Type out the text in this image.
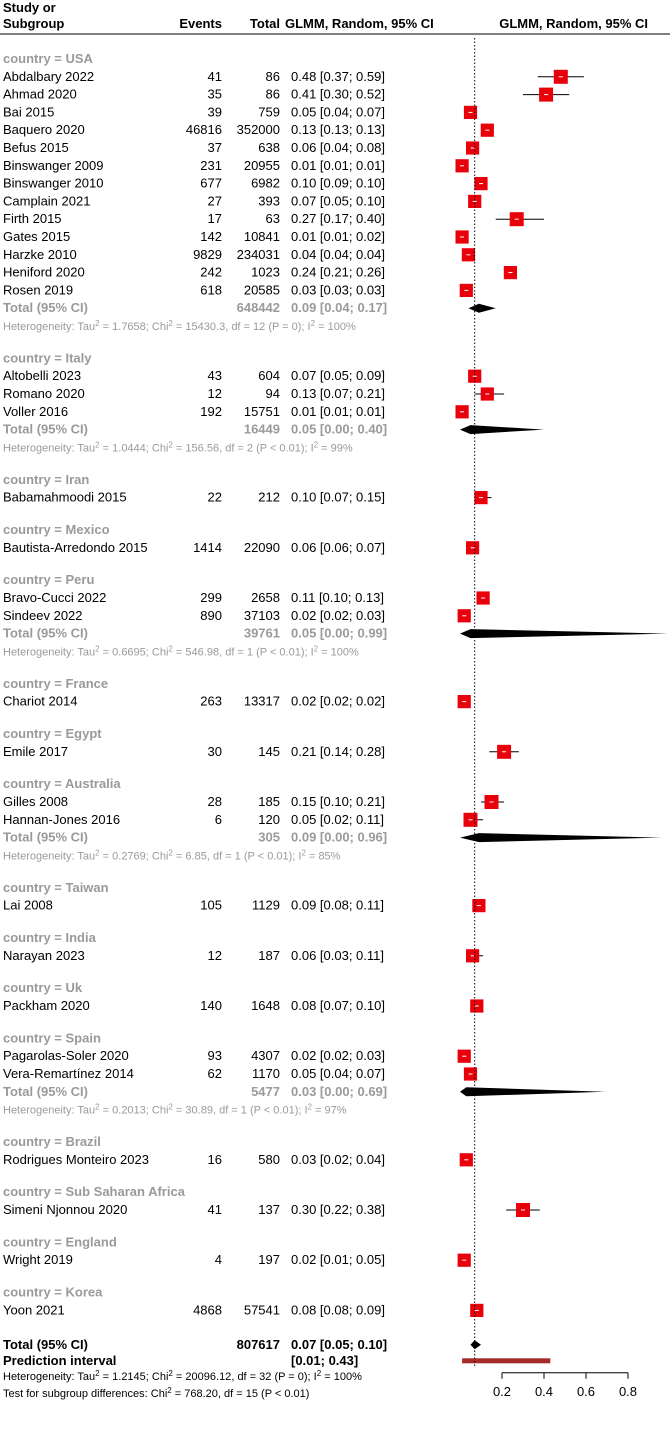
Study or
Subgroup	Events Total GLMM, Random, 95% CI	GLMM, Random, 95% CI
country = USA
Abdalbary 2022	41	86 0.48 [0.37; 0.59]
Ahmad 2020	35	86 0.41 [0.30; 0.52]
Bai 2015	39	759 0.05 [0.04; 0.07]
Baquero 2020	46816 352000 0.13 [0.13; 0.13]
Befus 2015	37	638 0.06 [0.04; 0.08]
Binswanger 2009	231 20955 0.01 [0.01; 0.01]
Binswanger 2010	677 6982 0.10 [0.09; 0.10]
Camplain 2021	27	393 0.07 [0.05; 0.10]
Firth 2015	17	63 0.27 [0.17; 0.40]
Gates 2015	142 10841 0.01 [0.01; 0.02]
Harzke 2010	9829 234031 0.04 [0.04; 0.04]
Heniford 2020	242 1023 0.24 [0.21; 0.26]
Rosen 2019	618 20585 0.03 [0.03; 0.03]
Total (95% CI)	648442 0.09 [0.04; 0.17]
Heterogeneity: Tau$^2$ = 1.7658; Chi$^2$ = 15430.3, df = 12 (P = 0); $I^2 = 100\%$
country = Italy
Altobelli 2023	43	604 0.07 [0.05; 0.09]
Romano 2020	12	94 0.13 [0.07; 0.21]
Voller 2016	192 15751 0.01 [0.01; 0.01]
Total (95% CI)	16449 0.05 [0.00; 0.40]
Heterogeneity: Tau$^2$ = 1.0444; Chi$^2$ = 156.56, df = 2 (P < 0.01); $I^2 = 99\%$
country = Iran
Babamahmoodi 2015	22	212 0.10 [0.07; 0.15]
country = Mexico
Bautista-Arredondo 2015	1414 22090 0.06 [0.06; 0.07]
country = Peru
Bravo-Cucci 2022	299 2658 0.11 [0.10; 0.13]
Sindeev 2022	890 37103 0.02 [0.02; 0.03]
Total (95% CI)	39761 0.05 [0.00; 0.99]
Heterogeneity: Tau$^2$ = 0.6695; Chi$^2$ = 546.98, df = 1 (P < 0.01); $I^2 = 100\%$
country = France
Chariot 2014	263 13317 0.02 [0.02; 0.02]
country = Egypt
Emile 2017	30	145 0.21 [0.14; 0.28]
country = Australia
Gilles 2008	28	185 0.15 [0.10; 0.21]
Hannan-Jones 2016	6	120 0.05 [0.02; 0.11]
Total (95% CI)	305 0.09 [0.00; 0.96]
Heterogeneity: Tau$^2$ = 0.2769; Chi$^2$ = 6.85, df = 1 (P < 0.01); $I^2 = 85\%$
country = Taiwan
Lai 2008	105 1129 0.09 [0.08; 0.11]
country = India
Narayan 2023	12	187 0.06 [0.03; 0.11]
country = Uk
Packham 2020	140 1648 0.08 [0.07; 0.10]
country = Spain
Pagarolas-Soler 2020	93 4307 0.02 [0.02; 0.03]
Vera-Remartínez 2014	62 1170 0.05 [0.04; 0.07]
Total (95% CI)	5477 0.03 [0.00; 0.69]
Heterogeneity: Tau$^2$ = 0.2013; Chi$^2$ = 30.89, df = 1 (P < 0.01); $I^2 = 97\%$
country = Brazil
Rodrigues Monteiro 2023	16	580 0.03 [0.02; 0.04]
country = Sub Saharan Africa
Simeni Njonnou 2020	41	137 0.30 [0.22; 0.38]
country = England
Wright 2019	4	197 0.02 [0.01; 0.05]
country = Korea
Yoon 2021	4868 57541 0.08 [0.08; 0.09]
Total (95% CI)	807617 0.07 [0.05; 0.10]
Prediction interval	[0.01; 0.43]
Heterogeneity: Tau$^2$ = 1.2145; Chi$^2$ = 20096.12, df = 32 (P = 0); $I^2 = 100\%$
Test for subgroup differences: Chi$^2$ = 768.20, df = 15 (P < 0.01)	0.2 0.4 0.6 0.8
